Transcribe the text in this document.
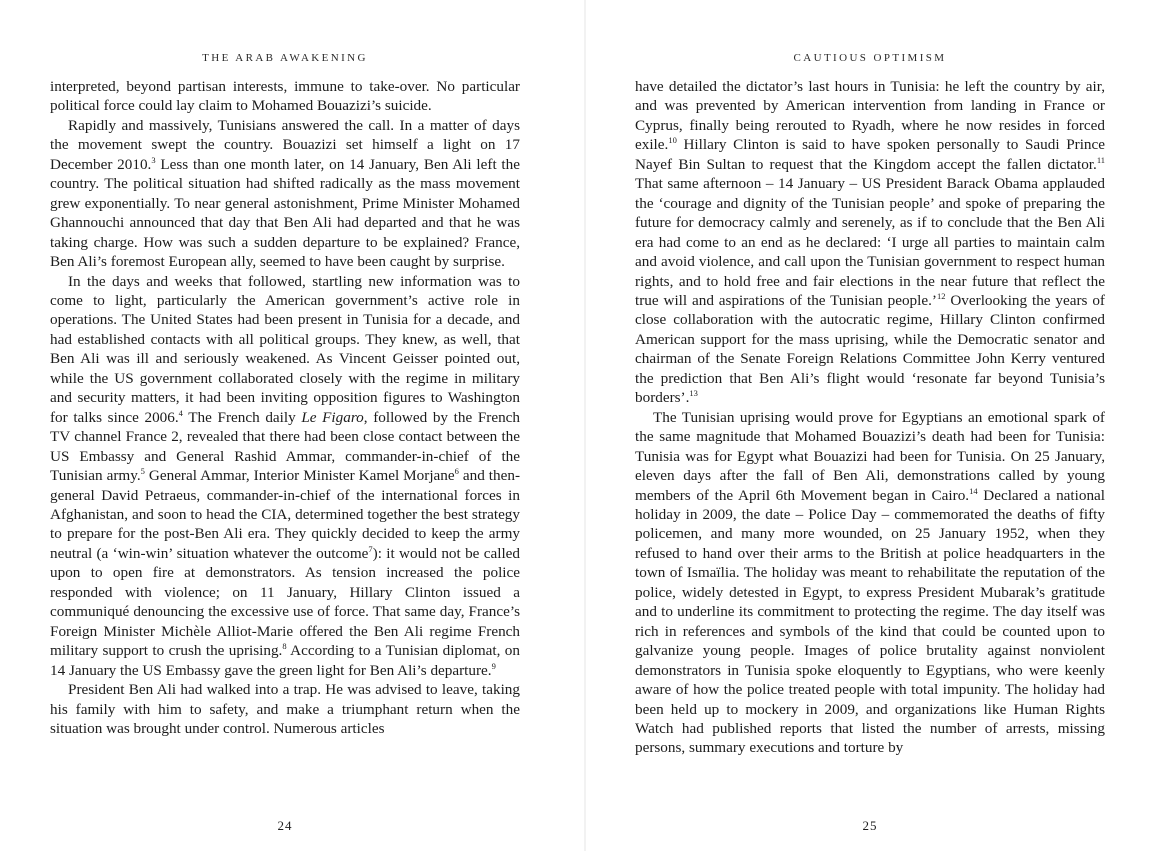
THE ARAB AWAKENING

interpreted, beyond partisan interests, immune to take-over. No particular political force could lay claim to Mohamed Bouazizi’s suicide.

Rapidly and massively, Tunisians answered the call. In a matter of days the movement swept the country. Bouazizi set himself a light on 17 December 2010.$^3$ Less than one month later, on 14 January, Ben Ali left the country. The political situation had shifted radically as the mass movement grew exponentially. To near general astonishment, Prime Minister Mohamed Ghannouchi announced that day that Ben Ali had departed and that he was taking charge. How was such a sudden departure to be explained? France, Ben Ali’s foremost European ally, seemed to have been caught by surprise.

In the days and weeks that followed, startling new information was to come to light, particularly the American government’s active role in operations. The United States had been present in Tunisia for a decade, and had established contacts with all political groups. They knew, as well, that Ben Ali was ill and seriously weakened. As Vincent Geisser pointed out, while the US government collaborated closely with the regime in military and security matters, it had been inviting opposition figures to Washington for talks since 2006.$^4$ The French daily Le Figaro, followed by the French TV channel France 2, revealed that there had been close contact between the US Embassy and General Rashid Ammar, commander-in-chief of the Tunisian army.$^5$ General Ammar, Interior Minister Kamel Morjane$^6$ and then-general David Petraeus, commander-in-chief of the international forces in Afghanistan, and soon to head the CIA, determined together the best strategy to prepare for the post-Ben Ali era. They quickly decided to keep the army neutral (a ‘win-win’ situation whatever the outcome$^7$): it would not be called upon to open fire at demonstrators. As tension increased the police responded with violence; on 11 January, Hillary Clinton issued a communiqué denouncing the excessive use of force. That same day, France’s Foreign Minister Michèle Alliot-Marie offered the Ben Ali regime French military support to crush the uprising.$^8$ According to a Tunisian diplomat, on 14 January the US Embassy gave the green light for Ben Ali’s departure.$^9$

President Ben Ali had walked into a trap. He was advised to leave, taking his family with him to safety, and make a triumphant return when the situation was brought under control. Numerous articles

24
CAUTIOUS OPTIMISM

have detailed the dictator’s last hours in Tunisia: he left the country by air, and was prevented by American intervention from landing in France or Cyprus, finally being rerouted to Ryadh, where he now resides in forced exile.$^{10}$ Hillary Clinton is said to have spoken personally to Saudi Prince Nayef Bin Sultan to request that the Kingdom accept the fallen dictator.$^{11}$ That same afternoon – 14 January – US President Barack Obama applauded the ‘courage and dignity of the Tunisian people’ and spoke of preparing the future for democracy calmly and serenely, as if to conclude that the Ben Ali era had come to an end as he declared: ‘I urge all parties to maintain calm and avoid violence, and call upon the Tunisian government to respect human rights, and to hold free and fair elections in the near future that reflect the true will and aspirations of the Tunisian people.’$^{12}$ Overlooking the years of close collaboration with the autocratic regime, Hillary Clinton confirmed American support for the mass uprising, while the Democratic senator and chairman of the Senate Foreign Relations Committee John Kerry ventured the prediction that Ben Ali’s flight would ‘resonate far beyond Tunisia’s borders’.$^{13}$

The Tunisian uprising would prove for Egyptians an emotional spark of the same magnitude that Mohamed Bouazizi’s death had been for Tunisia: Tunisia was for Egypt what Bouazizi had been for Tunisia. On 25 January, eleven days after the fall of Ben Ali, demonstrations called by young members of the April 6th Movement began in Cairo.$^{14}$ Declared a national holiday in 2009, the date – Police Day – commemorated the deaths of fifty policemen, and many more wounded, on 25 January 1952, when they refused to hand over their arms to the British at police headquarters in the town of Ismaïlia. The holiday was meant to rehabilitate the reputation of the police, widely detested in Egypt, to express President Mubarak’s gratitude and to underline its commitment to protecting the regime. The day itself was rich in references and symbols of the kind that could be counted upon to galvanize young people. Images of police brutality against nonviolent demonstrators in Tunisia spoke eloquently to Egyptians, who were keenly aware of how the police treated people with total impunity. The holiday had been held up to mockery in 2009, and organizations like Human Rights Watch had published reports that listed the number of arrests, missing persons, summary executions and torture by

25
